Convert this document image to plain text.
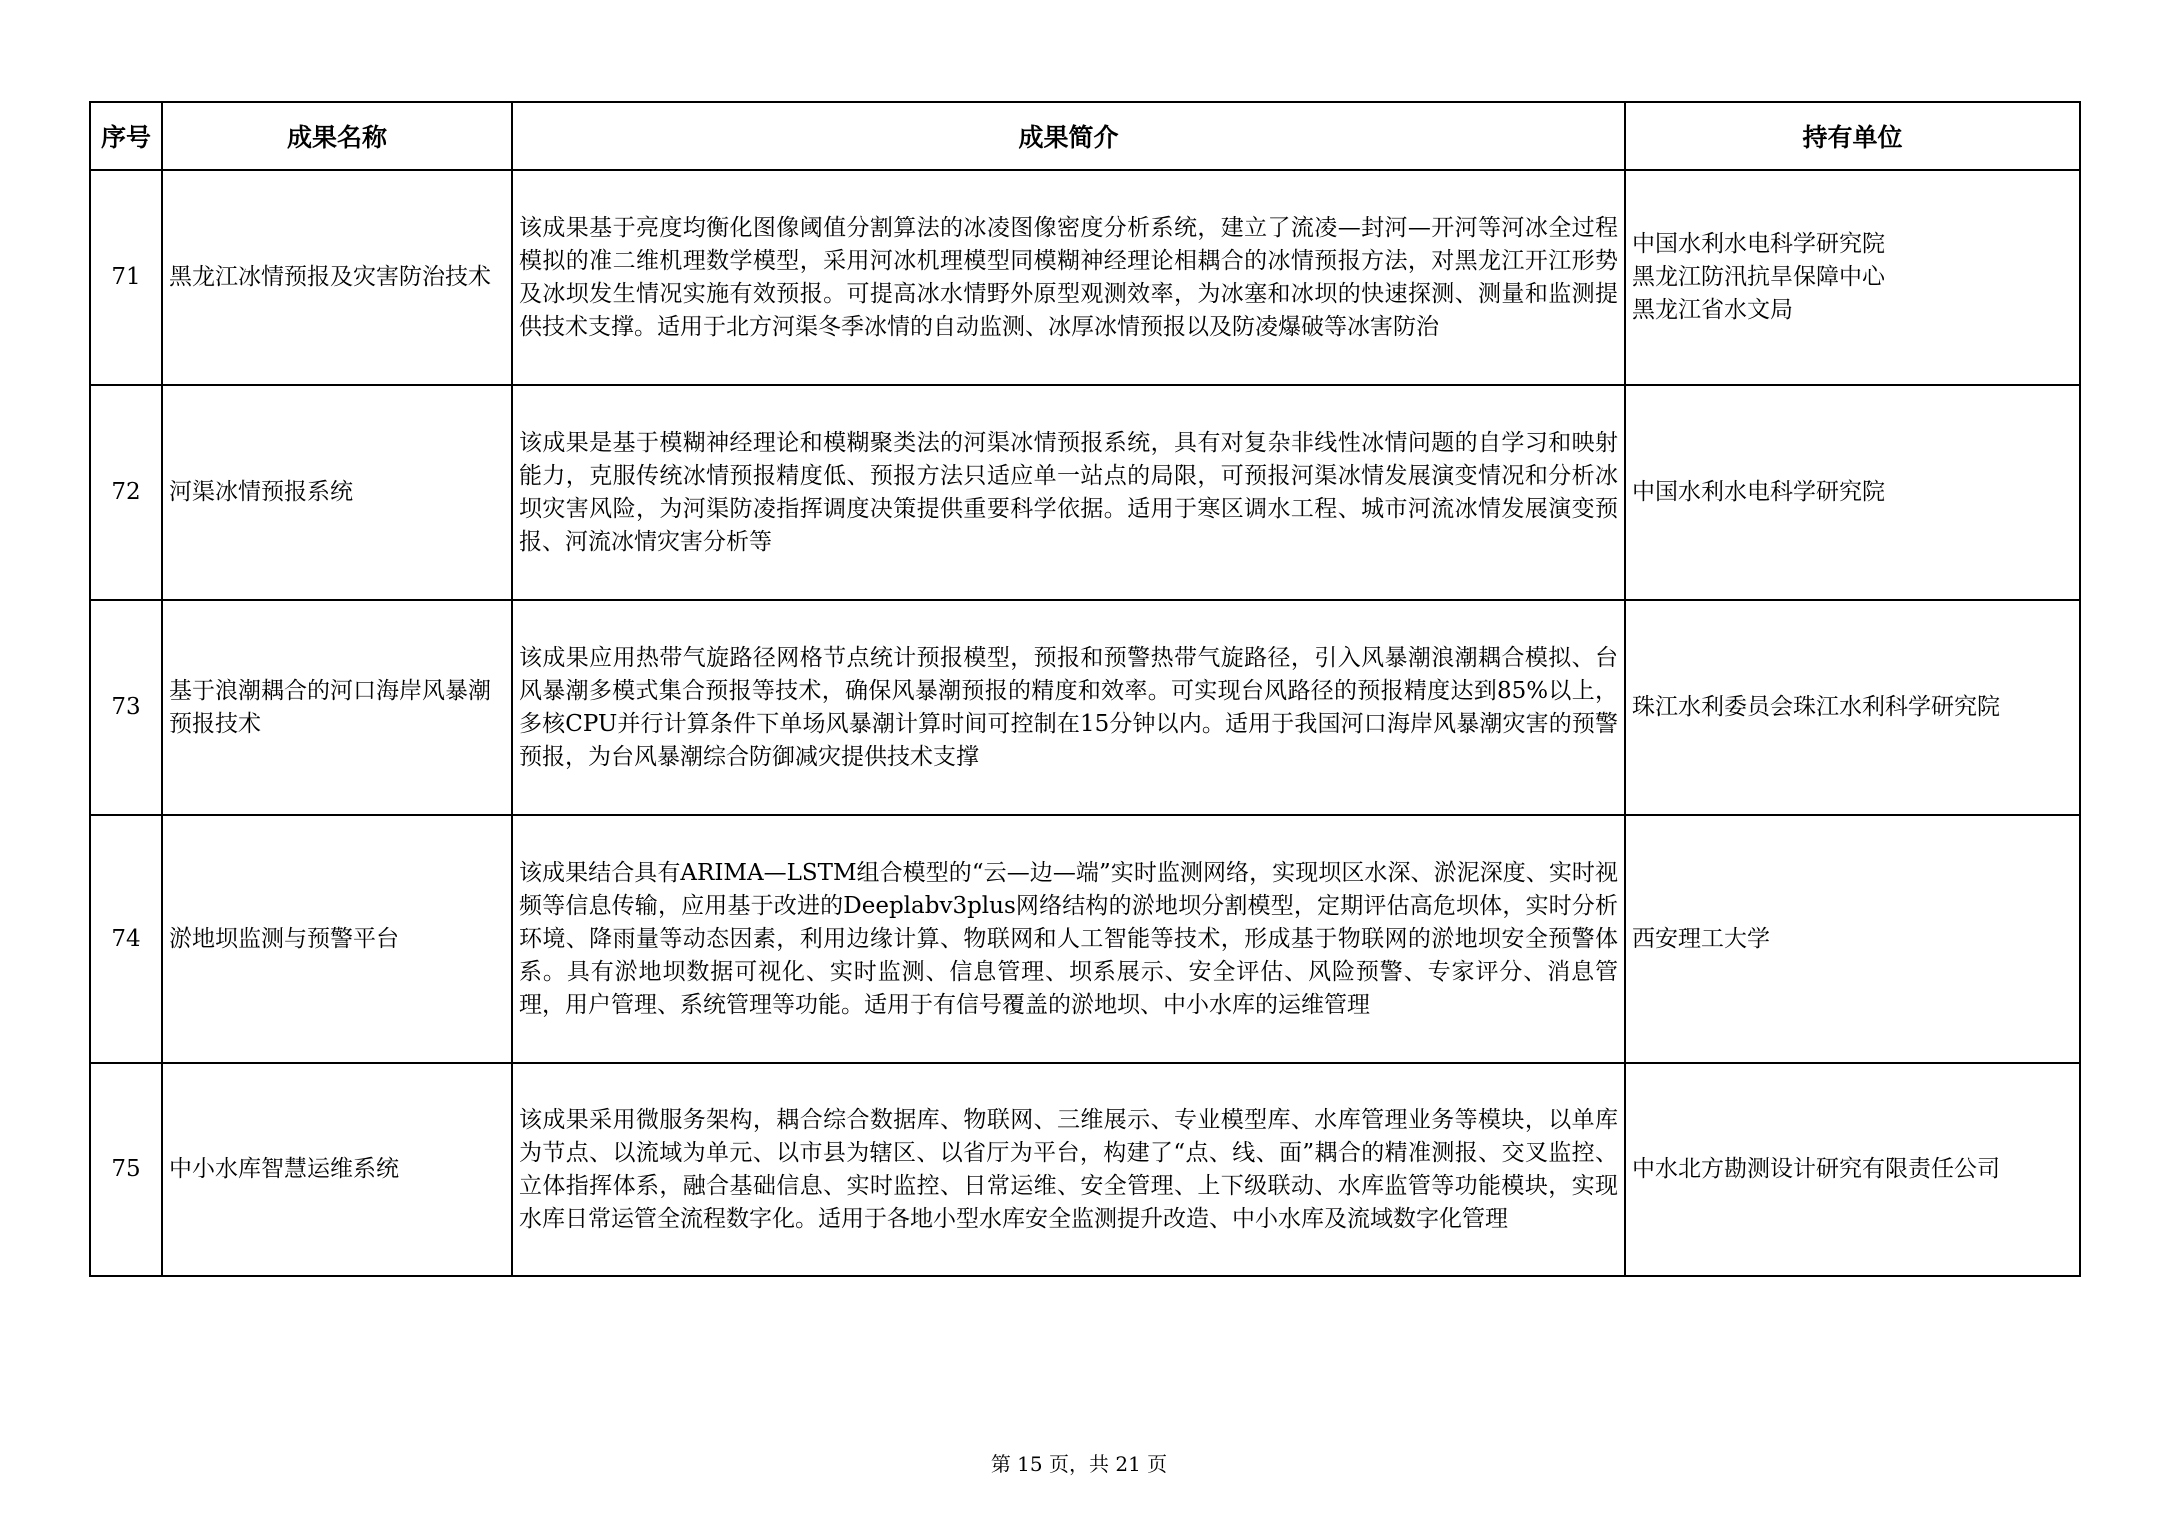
序号	成果名称	成果简介	持有单位
71	黑龙江冰情预报及灾害防治技术	该成果基于亮度均衡化图像阈值分割算法的冰凌图像密度分析系统，建立了流凌—封河—开河等河冰全过程模拟的准二维机理数学模型，采用河冰机理模型同模糊神经理论相耦合的冰情预报方法，对黑龙江开江形势及冰坝发生情况实施有效预报。可提高冰水情野外原型观测效率，为冰塞和冰坝的快速探测、测量和监测提供技术支撑。适用于北方河渠冬季冰情的自动监测、冰厚冰情预报以及防凌爆破等冰害防治	中国水利水电科学研究院
黑龙江防汛抗旱保障中心
黑龙江省水文局

72	河渠冰情预报系统	该成果是基于模糊神经理论和模糊聚类法的河渠冰情预报系统，具有对复杂非线性冰情问题的自学习和映射能力，克服传统冰情预报精度低、预报方法只适应单一站点的局限，可预报河渠冰情发展演变情况和分析冰坝灾害风险，为河渠防凌指挥调度决策提供重要科学依据。适用于寒区调水工程、城市河流冰情发展演变预报、河流冰情灾害分析等	中国水利水电科学研究院

73	基于浪潮耦合的河口海岸风暴潮预报技术	该成果应用热带气旋路径网格节点统计预报模型，预报和预警热带气旋路径，引入风暴潮浪潮耦合模拟、台风暴潮多模式集合预报等技术，确保风暴潮预报的精度和效率。可实现台风路径的预报精度达到85%以上，多核CPU并行计算条件下单场风暴潮计算时间可控制在15分钟以内。适用于我国河口海岸风暴潮灾害的预警预报，为台风暴潮综合防御减灾提供技术支撑	珠江水利委员会珠江水利科学研究院

74	淤地坝监测与预警平台	该成果结合具有ARIMA—LSTM组合模型的“云—边—端”实时监测网络，实现坝区水深、淤泥深度、实时视频等信息传输，应用基于改进的Deeplabv3plus网络结构的淤地坝分割模型，定期评估高危坝体，实时分析环境、降雨量等动态因素，利用边缘计算、物联网和人工智能等技术，形成基于物联网的淤地坝安全预警体系。具有淤地坝数据可视化、实时监测、信息管理、坝系展示、安全评估、风险预警、专家评分、消息管理，用户管理、系统管理等功能。适用于有信号覆盖的淤地坝、中小水库的运维管理	西安理工大学

75	中小水库智慧运维系统	该成果采用微服务架构，耦合综合数据库、物联网、三维展示、专业模型库、水库管理业务等模块，以单库为节点、以流域为单元、以市县为辖区、以省厅为平台，构建了“点、线、面”耦合的精准测报、交叉监控、立体指挥体系，融合基础信息、实时监控、日常运维、安全管理、上下级联动、水库监管等功能模块，实现水库日常运管全流程数字化。适用于各地小型水库安全监测提升改造、中小水库及流域数字化管理	中水北方勘测设计研究有限责任公司
第 15 页，共 21 页
